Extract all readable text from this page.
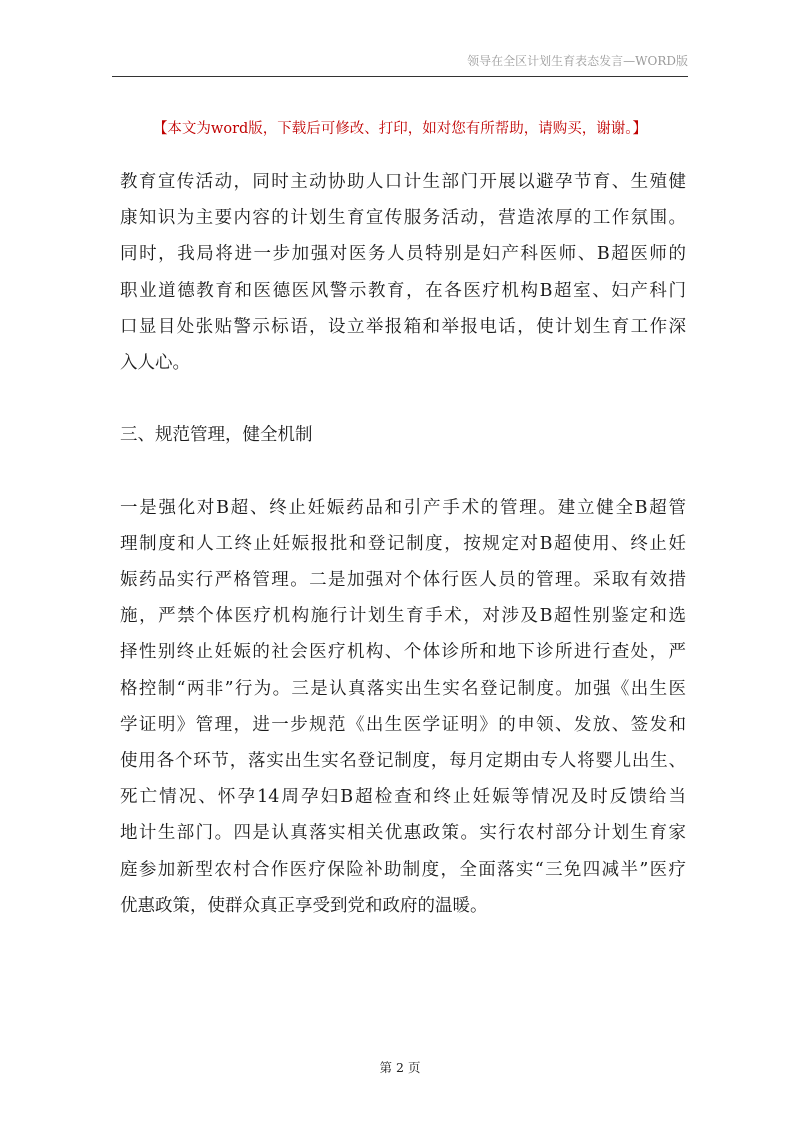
领导在全区计划生育表态发言—WORD版
【本文为word版，下载后可修改、打印，如对您有所帮助，请购买，谢谢。】
教育宣传活动，同时主动协助人口计生部门开展以避孕节育、生殖健
康知识为主要内容的计划生育宣传服务活动，营造浓厚的工作氛围。
同时，我局将进一步加强对医务人员特别是妇产科医师、B超医师的
职业道德教育和医德医风警示教育，在各医疗机构B超室、妇产科门
口显目处张贴警示标语，设立举报箱和举报电话，使计划生育工作深
入人心。
三、规范管理，健全机制
一是强化对B超、终止妊娠药品和引产手术的管理。建立健全B超管
理制度和人工终止妊娠报批和登记制度，按规定对B超使用、终止妊
娠药品实行严格管理。二是加强对个体行医人员的管理。采取有效措
施，严禁个体医疗机构施行计划生育手术，对涉及B超性别鉴定和选
择性别终止妊娠的社会医疗机构、个体诊所和地下诊所进行查处，严
格控制“两非”行为。三是认真落实出生实名登记制度。加强《出生医
学证明》管理，进一步规范《出生医学证明》的申领、发放、签发和
使用各个环节，落实出生实名登记制度，每月定期由专人将婴儿出生、
死亡情况、怀孕14周孕妇B超检查和终止妊娠等情况及时反馈给当
地计生部门。四是认真落实相关优惠政策。实行农村部分计划生育家
庭参加新型农村合作医疗保险补助制度，全面落实“三免四减半”医疗
优惠政策，使群众真正享受到党和政府的温暖。
第 2 页
